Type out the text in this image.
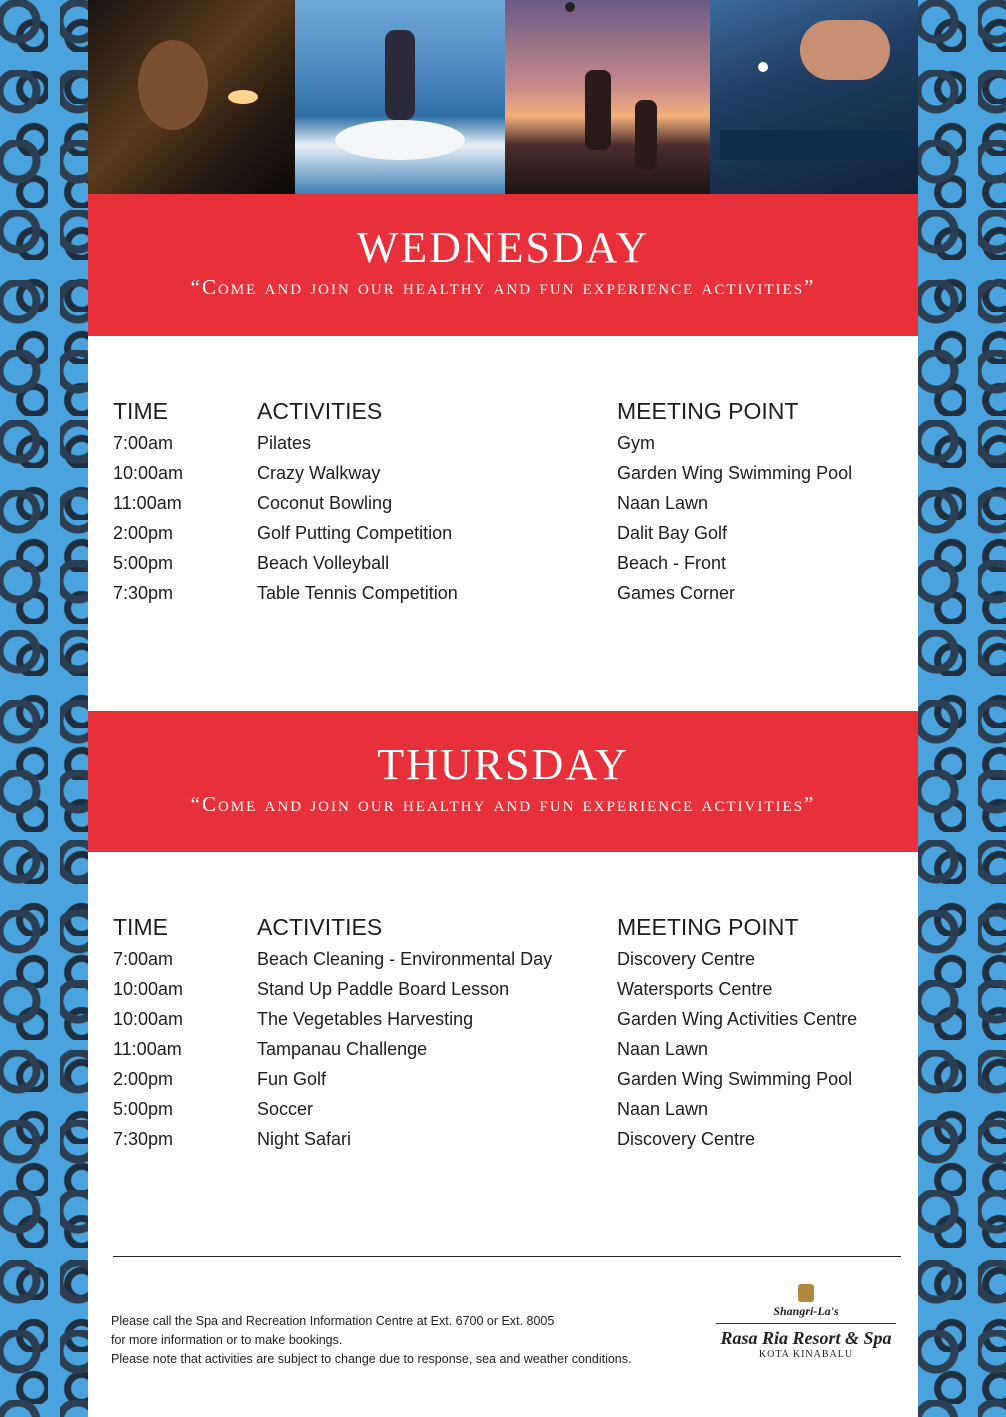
WEDNESDAY
“Come and join our healthy and fun experience activities”
TIME	ACTIVITIES	MEETING POINT
7:00am	Pilates	Gym
10:00am	Crazy Walkway	Garden Wing Swimming Pool
11:00am	Coconut Bowling	Naan Lawn
2:00pm	Golf Putting Competition	Dalit Bay Golf
5:00pm	Beach Volleyball	Beach - Front
7:30pm	Table Tennis Competition	Games Corner
THURSDAY
“Come and join our healthy and fun experience activities”
TIME	ACTIVITIES	MEETING POINT
7:00am	Beach Cleaning - Environmental Day	Discovery Centre
10:00am	Stand Up Paddle Board Lesson	Watersports Centre
10:00am	The Vegetables Harvesting	Garden Wing Activities Centre
11:00am	Tampanau Challenge	Naan Lawn
2:00pm	Fun Golf	Garden Wing Swimming Pool
5:00pm	Soccer	Naan Lawn
7:30pm	Night Safari	Discovery Centre
Please call the Spa and Recreation Information Centre at Ext. 6700 or Ext. 8005
for more information or to make bookings.
Please note that activities are subject to change due to response, sea and weather conditions.
Shangri-La's
Rasa Ria Resort & Spa
KOTA KINABALU
